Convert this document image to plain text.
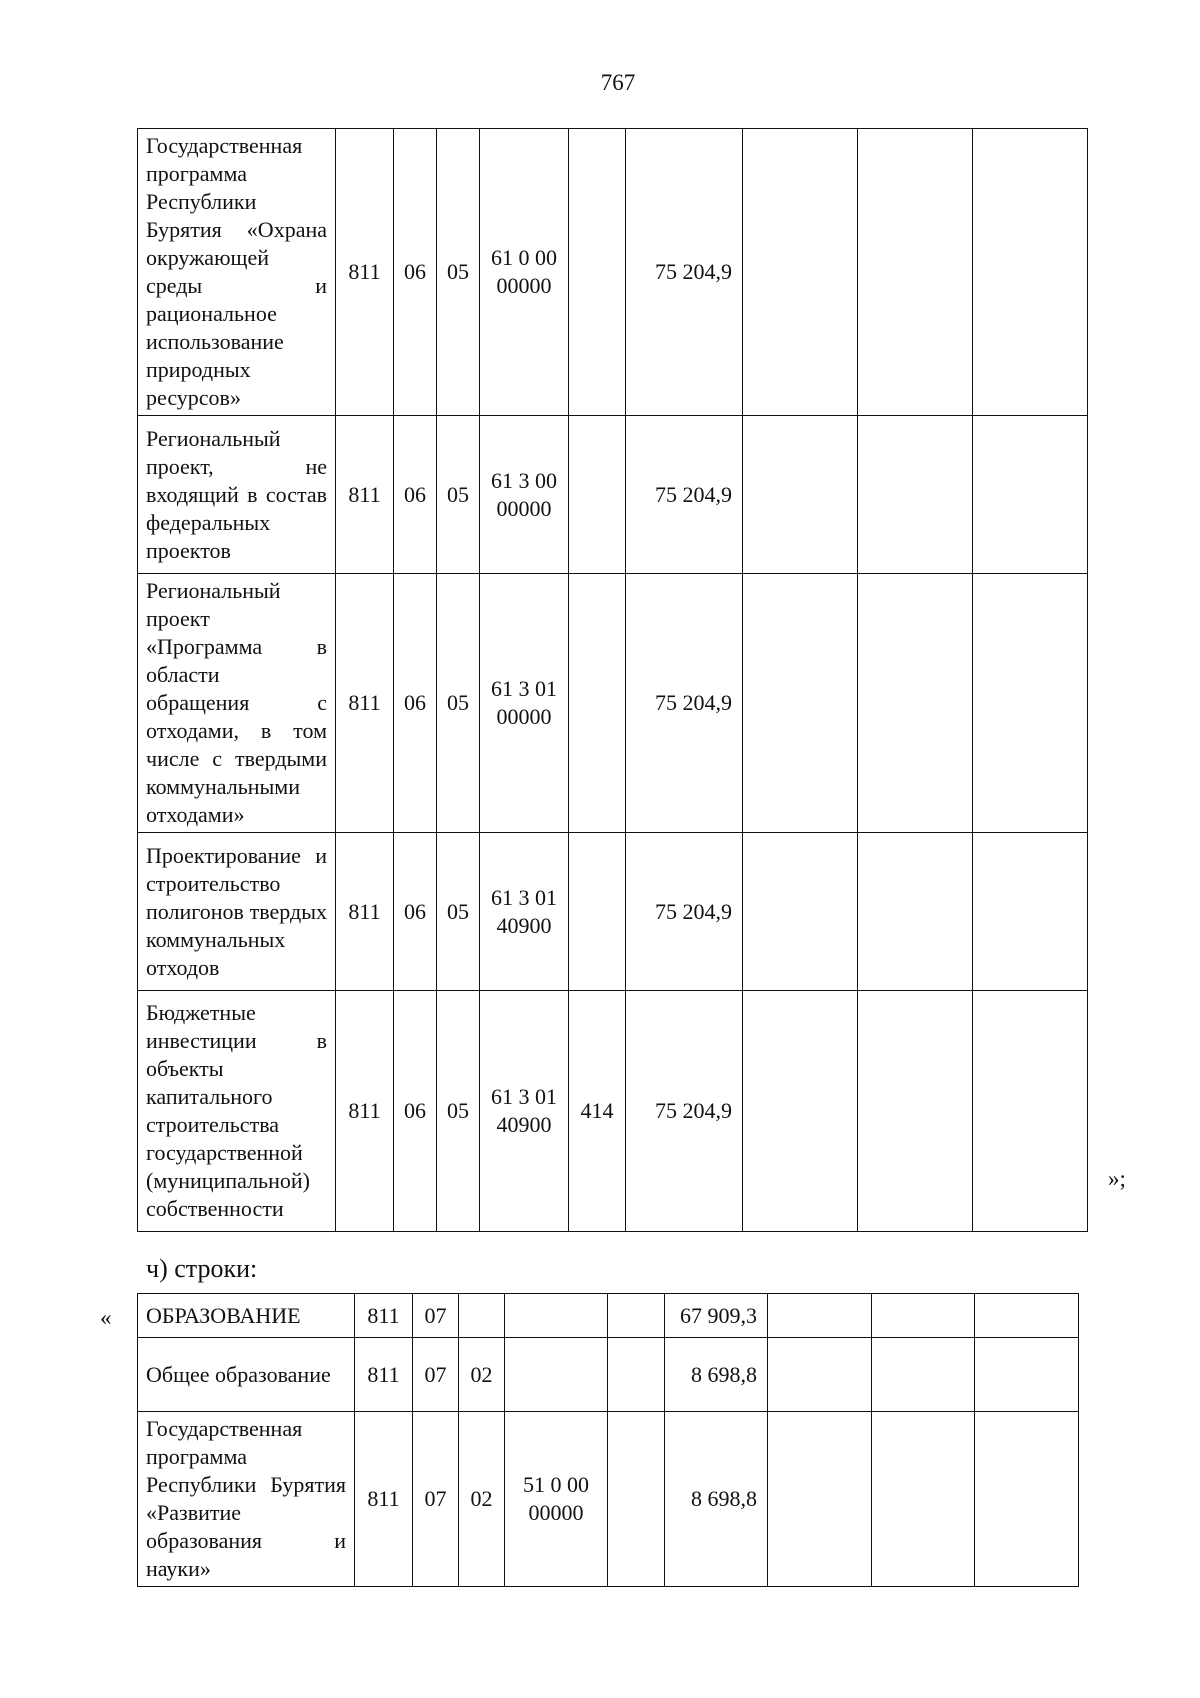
767
Государственная программа Республики Бурятия «Охрана окружающей среды и рациональное использование природных ресурсов»	811	06	05	61 0 00
00000		75 204,9			
Региональный проект, не входящий в состав федеральных проектов	811	06	05	61 3 00
00000		75 204,9			
Региональный проект «Программа в области обращения с отходами, в том числе с твердыми коммунальными отходами»	811	06	05	61 3 01
00000		75 204,9			
Проектирование и строительство полигонов твердых коммунальных отходов	811	06	05	61 3 01
40900		75 204,9			
Бюджетные инвестиции в объекты капитального строительства государственной (муниципальной) собственности	811	06	05	61 3 01
40900	414	75 204,9			
»;
ч) строки:
« ОБРАЗОВАНИЕ	811	07				67 909,3			
Общее образование	811	07	02			8 698,8			
Государственная программа Республики Бурятия «Развитие образования и науки»	811	07	02	51 0 00
00000		8 698,8			
